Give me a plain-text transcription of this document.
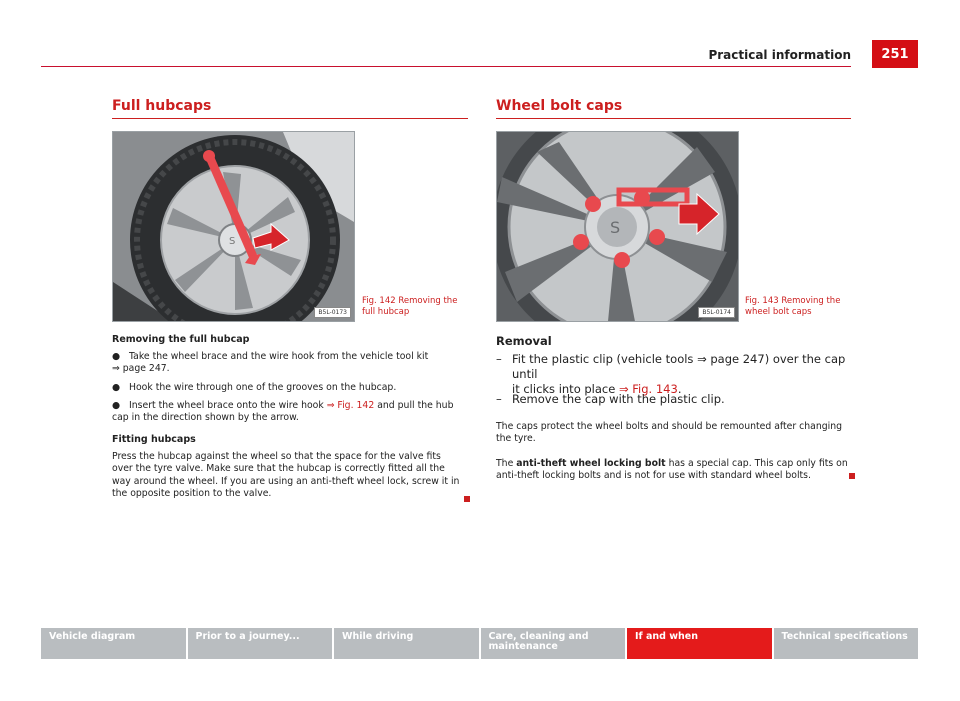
Practical information	251
Full hubcaps
S
B5L-0173
Fig. 142 Removing the full hubcap
Removing the full hubcap
● Take the wheel brace and the wire hook from the vehicle tool kit
⇒ page 247.
● Hook the wire through one of the grooves on the hubcap.
● Insert the wheel brace onto the wire hook ⇒ Fig. 142 and pull the hub
cap in the direction shown by the arrow.
Fitting hubcaps
Press the hubcap against the wheel so that the space for the valve fits over the tyre valve. Make sure that the hubcap is correctly fitted all the way around the wheel. If you are using an anti-theft wheel lock, screw it in the opposite position to the valve.
Wheel bolt caps
S
B5L-0174
Fig. 143 Removing the wheel bolt caps
Removal
– Fit the plastic clip (vehicle tools ⇒ page 247) over the cap until
it clicks into place ⇒ Fig. 143.
– Remove the cap with the plastic clip.
The caps protect the wheel bolts and should be remounted after changing the tyre.
The anti-theft wheel locking bolt has a special cap. This cap only fits on anti-theft locking bolts and is not for use with standard wheel bolts.
Vehicle diagram	Prior to a journey...	While driving	Care, cleaning and maintenance
If and when	Technical specifications
